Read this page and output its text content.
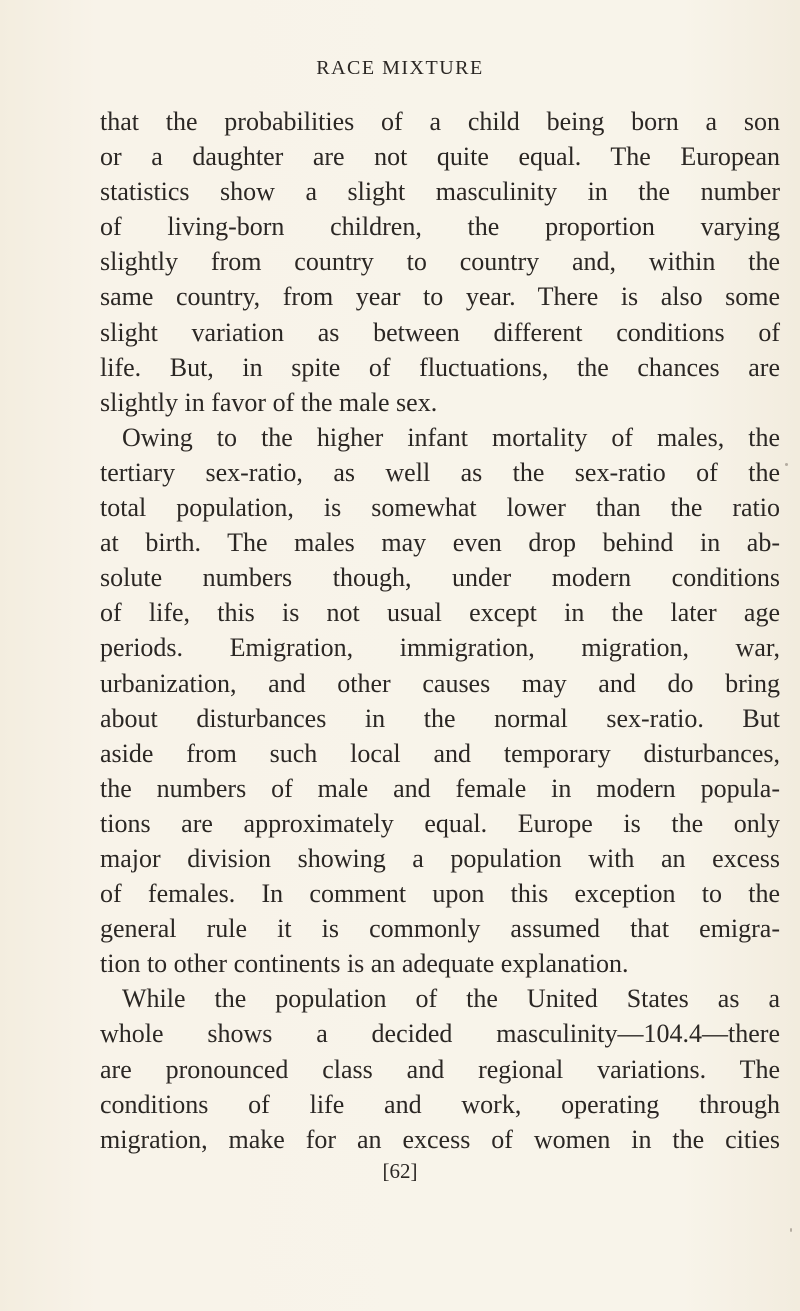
RACE MIXTURE
that the probabilities of a child being born a son
or a daughter are not quite equal. The European
statistics show a slight masculinity in the number
of living-born children, the proportion varying
slightly from country to country and, within the
same country, from year to year. There is also some
slight variation as between different conditions of
life. But, in spite of fluctuations, the chances are
slightly in favor of the male sex.
Owing to the higher infant mortality of males, the
tertiary sex-ratio, as well as the sex-ratio of the
total population, is somewhat lower than the ratio
at birth. The males may even drop behind in ab-
solute numbers though, under modern conditions
of life, this is not usual except in the later age
periods. Emigration, immigration, migration, war,
urbanization, and other causes may and do bring
about disturbances in the normal sex-ratio. But
aside from such local and temporary disturbances,
the numbers of male and female in modern popula-
tions are approximately equal. Europe is the only
major division showing a population with an excess
of females. In comment upon this exception to the
general rule it is commonly assumed that emigra-
tion to other continents is an adequate explanation.
While the population of the United States as a
whole shows a decided masculinity—104.4—there
are pronounced class and regional variations. The
conditions of life and work, operating through
migration, make for an excess of women in the cities
[62]
